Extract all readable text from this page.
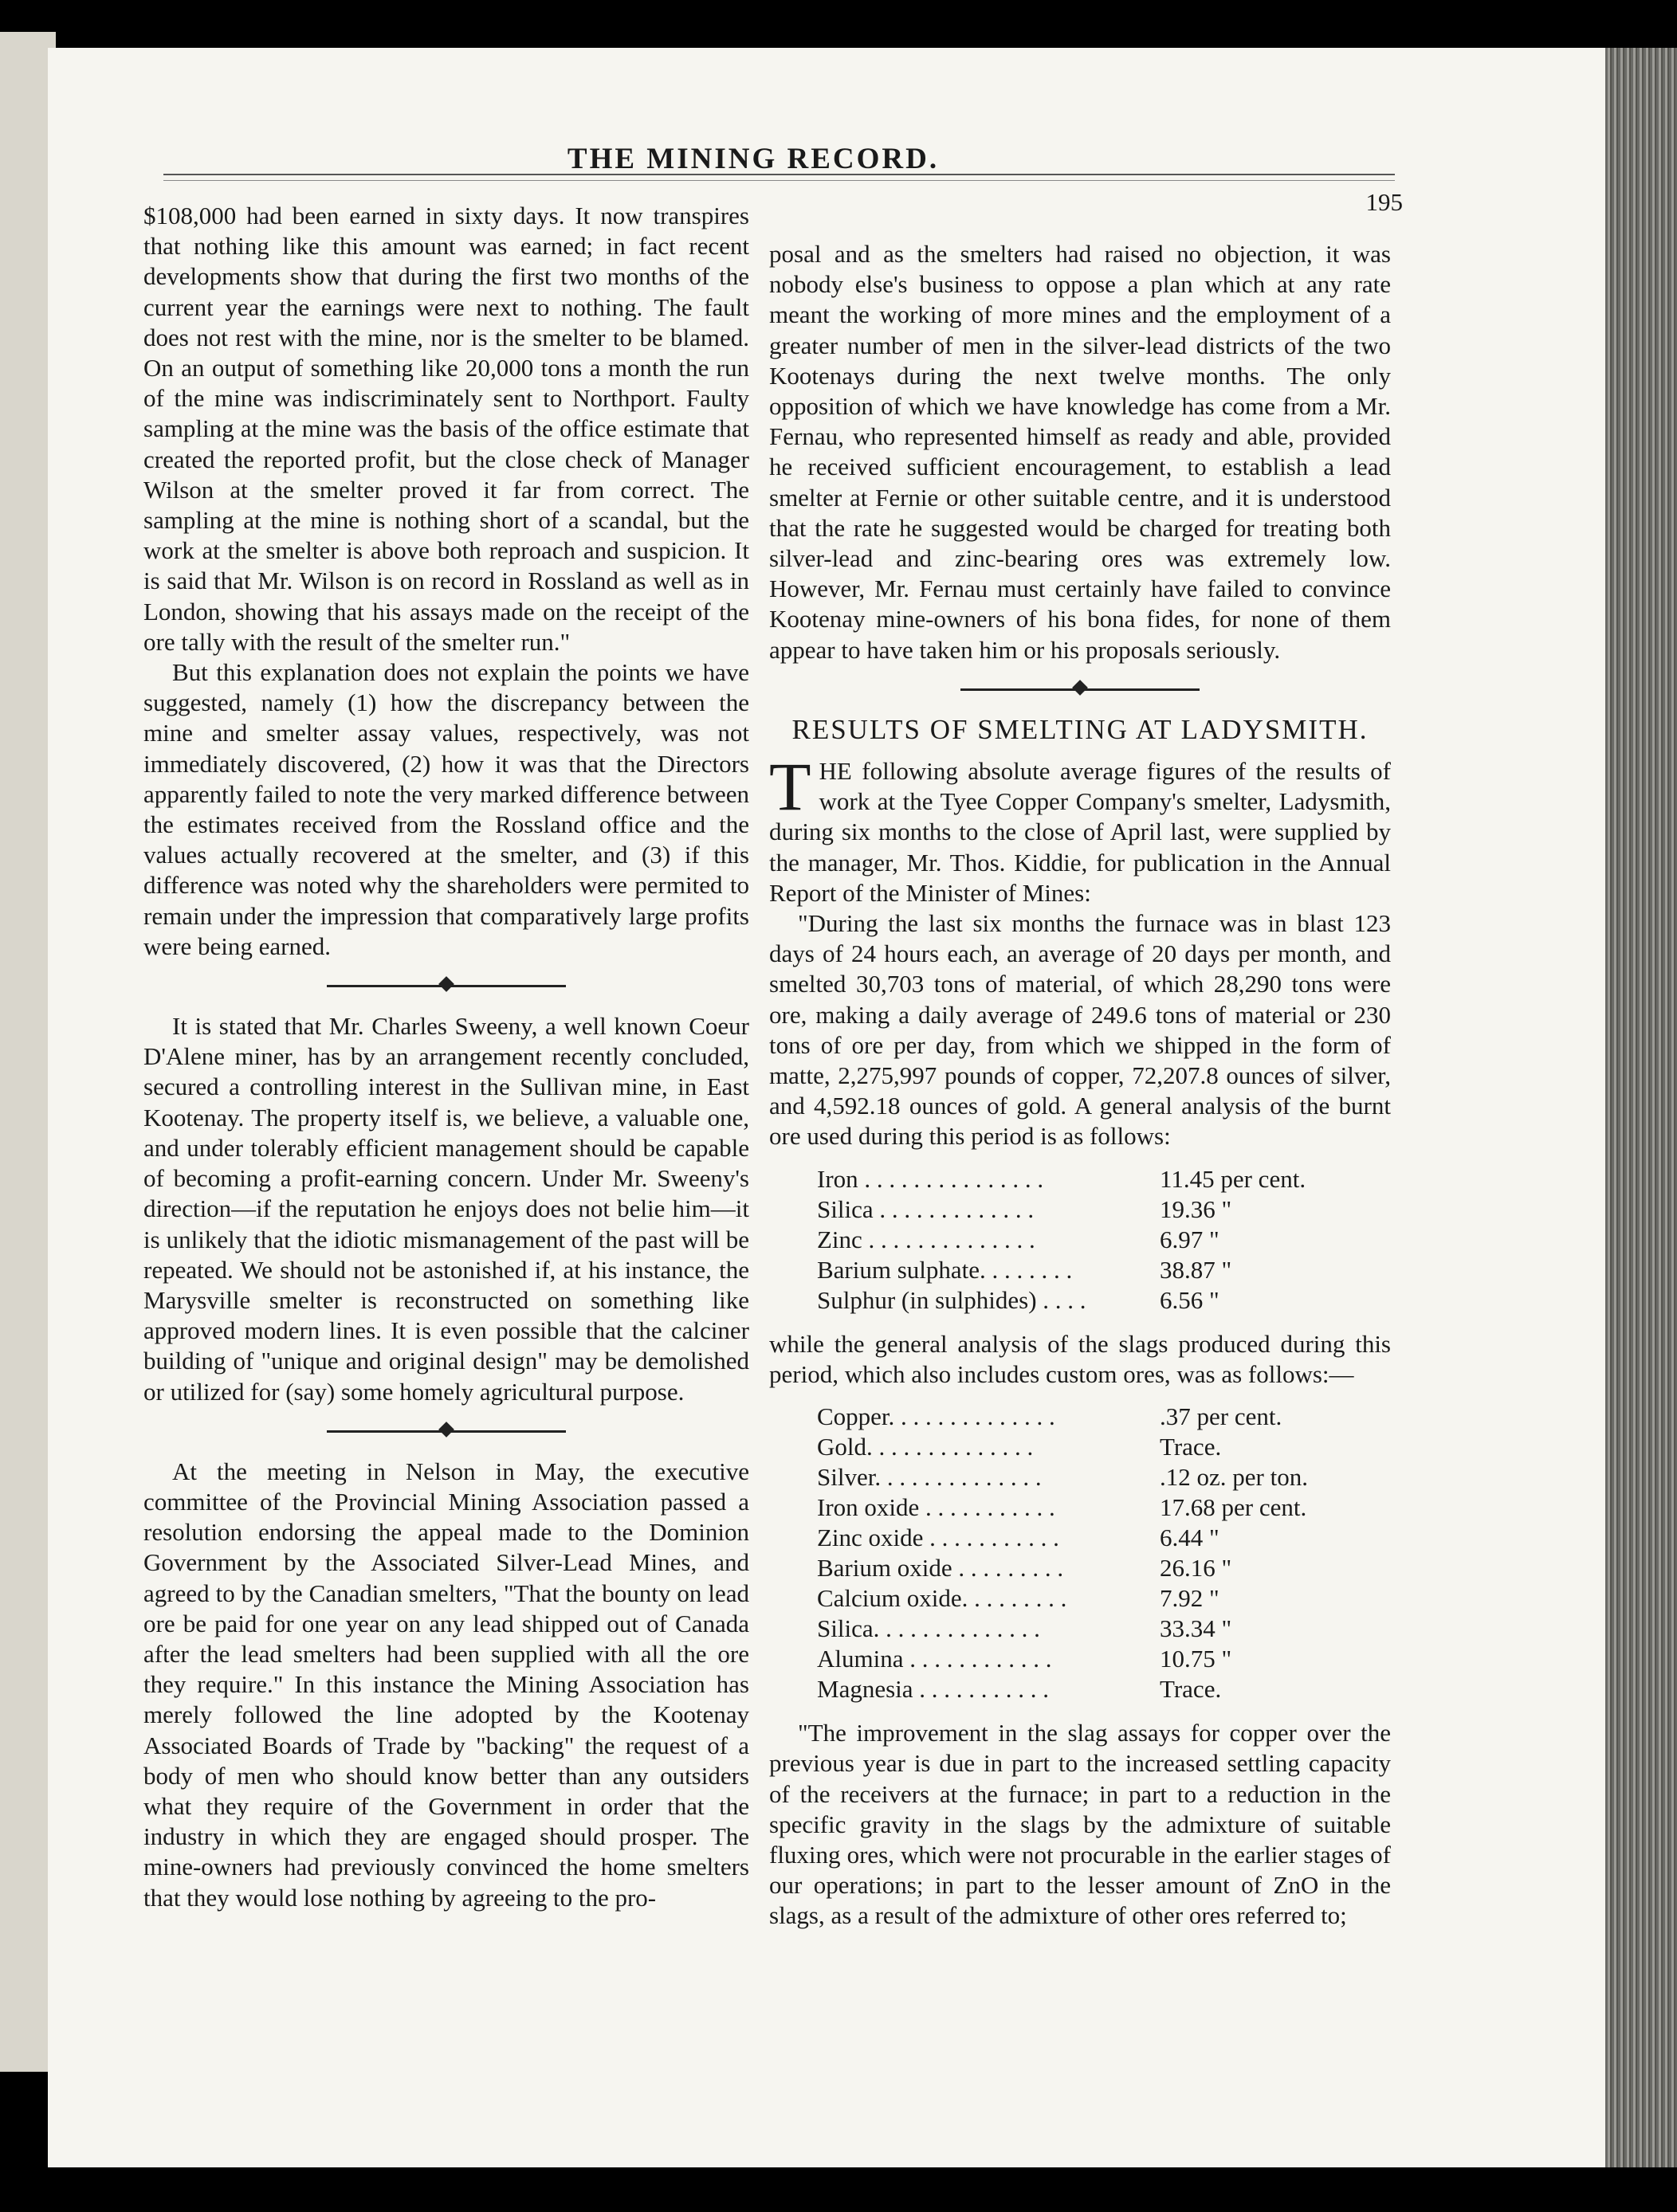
THE MINING RECORD.
195

$108,000 had been earned in sixty days. It now transpires that nothing like this amount was earned; in fact recent developments show that during the first two months of the current year the earnings were next to nothing. The fault does not rest with the mine, nor is the smelter to be blamed. On an output of something like 20,000 tons a month the run of the mine was indiscriminately sent to Northport. Faulty sampling at the mine was the basis of the office estimate that created the reported profit, but the close check of Manager Wilson at the smelter proved it far from correct. The sampling at the mine is nothing short of a scandal, but the work at the smelter is above both reproach and suspicion. It is said that Mr. Wilson is on record in Rossland as well as in London, showing that his assays made on the receipt of the ore tally with the result of the smelter run."

But this explanation does not explain the points we have suggested, namely (1) how the discrepancy between the mine and smelter assay values, respectively, was not immediately discovered, (2) how it was that the Directors apparently failed to note the very marked difference between the estimates received from the Rossland office and the values actually recovered at the smelter, and (3) if this difference was noted why the shareholders were permited to remain under the impression that comparatively large profits were being earned.

It is stated that Mr. Charles Sweeny, a well known Coeur D'Alene miner, has by an arrangement recently concluded, secured a controlling interest in the Sullivan mine, in East Kootenay. The property itself is, we believe, a valuable one, and under tolerably efficient management should be capable of becoming a profit-earning concern. Under Mr. Sweeny's direction—if the reputation he enjoys does not belie him—it is unlikely that the idiotic mismanagement of the past will be repeated. We should not be astonished if, at his instance, the Marysville smelter is reconstructed on something like approved modern lines. It is even possible that the calciner building of "unique and original design" may be demolished or utilized for (say) some homely agricultural purpose.

At the meeting in Nelson in May, the executive committee of the Provincial Mining Association passed a resolution endorsing the appeal made to the Dominion Government by the Associated Silver-Lead Mines, and agreed to by the Canadian smelters, "That the bounty on lead ore be paid for one year on any lead shipped out of Canada after the lead smelters had been supplied with all the ore they require." In this instance the Mining Association has merely followed the line adopted by the Kootenay Associated Boards of Trade by "backing" the request of a body of men who should know better than any outsiders what they require of the Government in order that the industry in which they are engaged should prosper. The mine-owners had previously convinced the home smelters that they would lose nothing by agreeing to the pro-

posal and as the smelters had raised no objection, it was nobody else's business to oppose a plan which at any rate meant the working of more mines and the employment of a greater number of men in the silver-lead districts of the two Kootenays during the next twelve months. The only opposition of which we have knowledge has come from a Mr. Fernau, who represented himself as ready and able, provided he received sufficient encouragement, to establish a lead smelter at Fernie or other suitable centre, and it is understood that the rate he suggested would be charged for treating both silver-lead and zinc-bearing ores was extremely low. However, Mr. Fernau must certainly have failed to convince Kootenay mine-owners of his bona fides, for none of them appear to have taken him or his proposals seriously.

RESULTS OF SMELTING AT LADYSMITH.

THE following absolute average figures of the results of work at the Tyee Copper Company's smelter, Ladysmith, during six months to the close of April last, were supplied by the manager, Mr. Thos. Kiddie, for publication in the Annual Report of the Minister of Mines:

"During the last six months the furnace was in blast 123 days of 24 hours each, an average of 20 days per month, and smelted 30,703 tons of material, of which 28,290 tons were ore, making a daily average of 249.6 tons of material or 230 tons of ore per day, from which we shipped in the form of matte, 2,275,997 pounds of copper, 72,207.8 ounces of silver, and 4,592.18 ounces of gold. A general analysis of the burnt ore used during this period is as follows:

Iron . . . . . . . . . . . . . . .	11.45 per cent.
Silica . . . . . . . . . . . . .	19.36 "
Zinc . . . . . . . . . . . . . .	6.97 "
Barium sulphate. . . . . . . .	38.87 "
Sulphur (in sulphides) . . . .	6.56 "

while the general analysis of the slags produced during this period, which also includes custom ores, was as follows:—

Copper. . . . . . . . . . . . . .	.37 per cent.
Gold. . . . . . . . . . . . . .	Trace.
Silver. . . . . . . . . . . . . .	.12 oz. per ton.
Iron oxide . . . . . . . . . . .	17.68 per cent.
Zinc oxide . . . . . . . . . . .	6.44 "
Barium oxide . . . . . . . . .	26.16 "
Calcium oxide. . . . . . . . .	7.92 "
Silica. . . . . . . . . . . . . .	33.34 "
Alumina . . . . . . . . . . . .	10.75 "
Magnesia . . . . . . . . . . .	Trace.

"The improvement in the slag assays for copper over the previous year is due in part to the increased settling capacity of the receivers at the furnace; in part to a reduction in the specific gravity in the slags by the admixture of suitable fluxing ores, which were not procurable in the earlier stages of our operations; in part to the lesser amount of ZnO in the slags, as a result of the admixture of other ores referred to;
